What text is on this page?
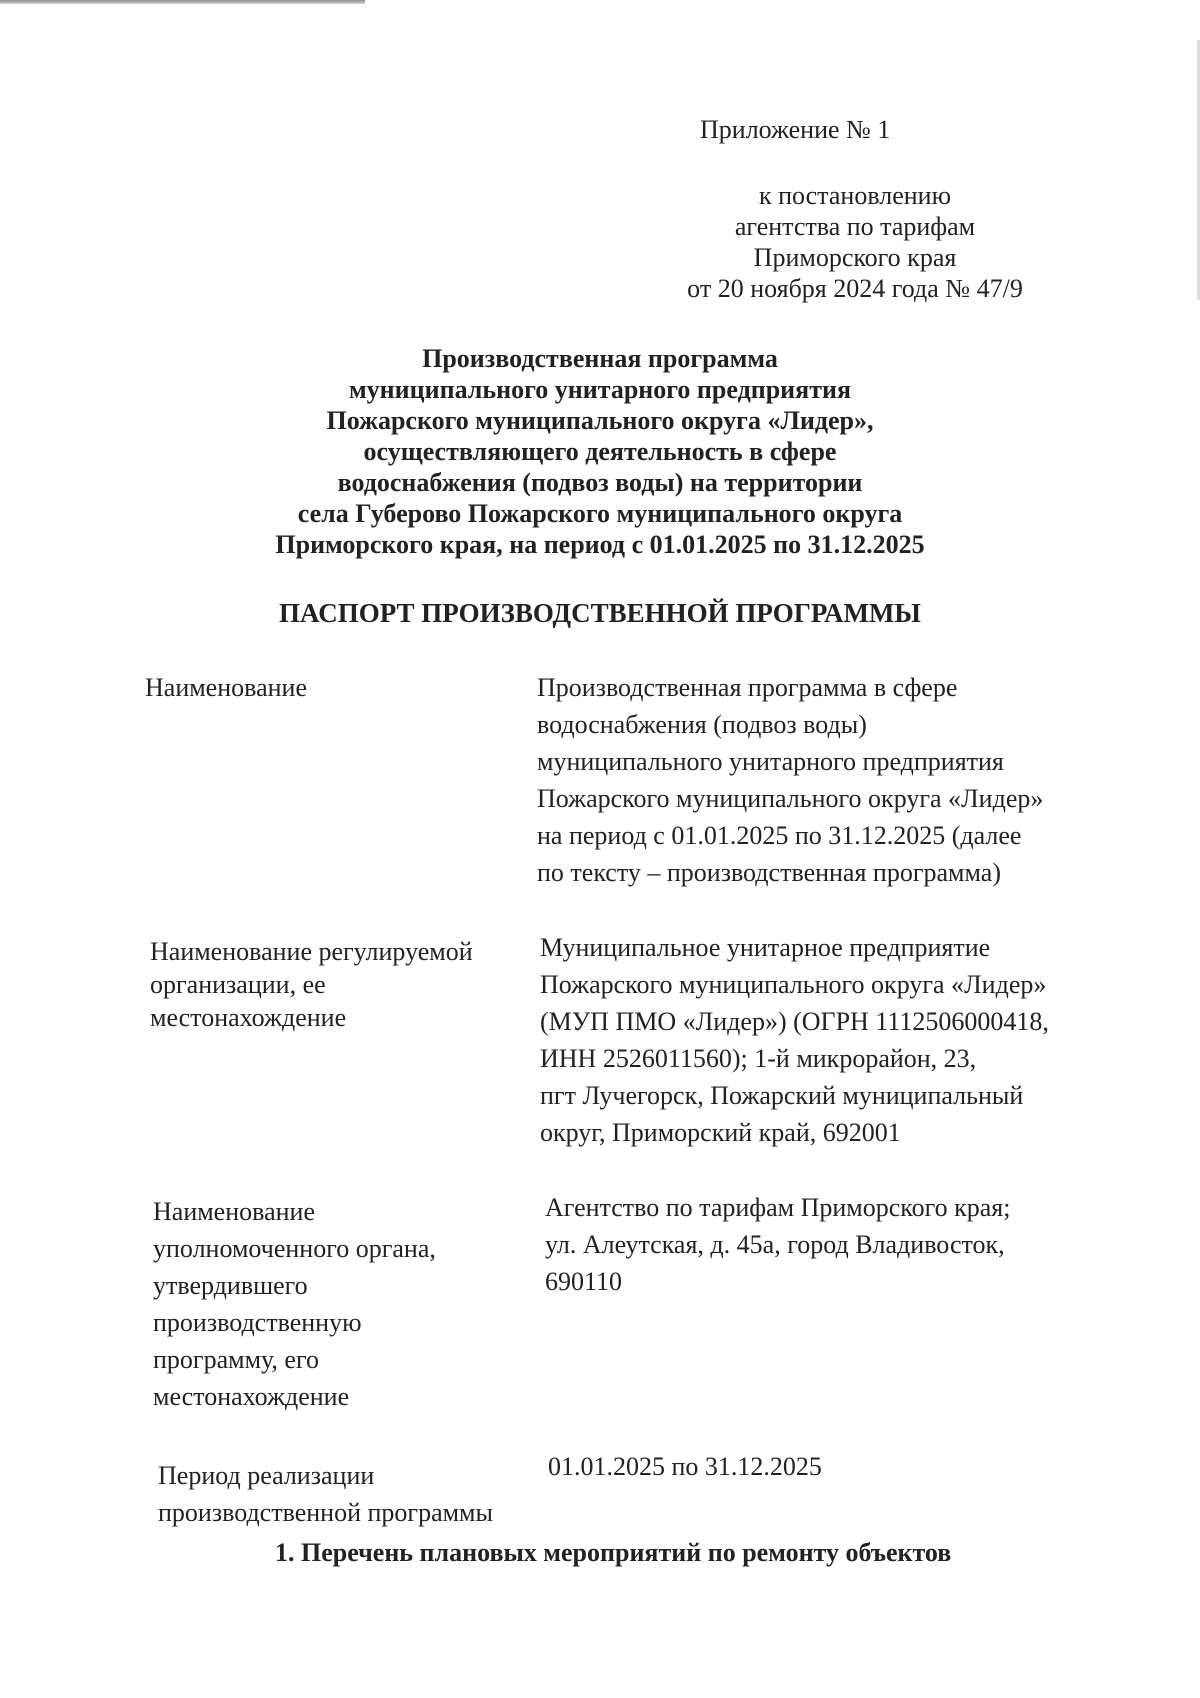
Приложение № 1
к постановлению
агентства по тарифам
Приморского края
от 20 ноября 2024 года № 47/9
Производственная программа
муниципального унитарного предприятия
Пожарского муниципального округа «Лидер»,
осуществляющего деятельность в сфере
водоснабжения (подвоз воды) на территории
села Губерово Пожарского муниципального округа
Приморского края, на период с 01.01.2025 по 31.12.2025
ПАСПОРТ ПРОИЗВОДСТВЕННОЙ ПРОГРАММЫ
Наименование	Производственная программа в сфере
водоснабжения (подвоз воды)
муниципального унитарного предприятия
Пожарского муниципального округа «Лидер»
на период с 01.01.2025 по 31.12.2025 (далее
по тексту – производственная программа)
Наименование регулируемой
организации, ее
местонахождение
Муниципальное унитарное предприятие
Пожарского муниципального округа «Лидер»
(МУП ПМО «Лидер») (ОГРН 1112506000418,
ИНН 2526011560); 1-й микрорайон, 23,
пгт Лучегорск, Пожарский муниципальный
округ, Приморский край, 692001
Наименование
уполномоченного органа,
утвердившего
производственную
программу, его
местонахождение
Агентство по тарифам Приморского края;
ул. Алеутская, д. 45а, город Владивосток,
690110
Период реализации
производственной программы
01.01.2025 по 31.12.2025
1. Перечень плановых мероприятий по ремонту объектов
